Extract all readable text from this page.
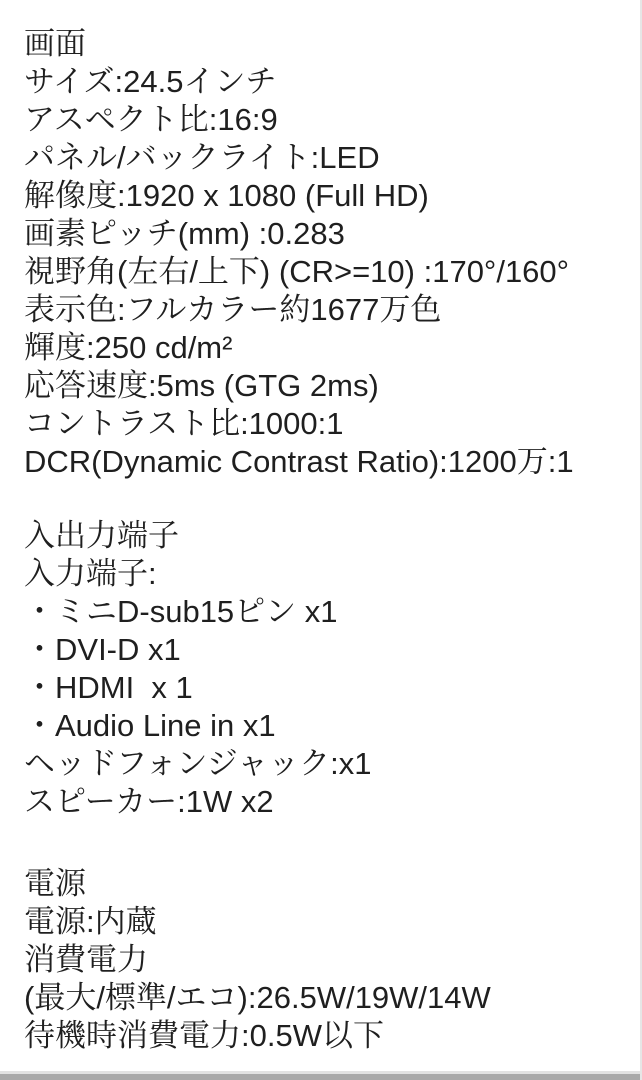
画面
サイズ:24.5インチ
アスペクト比:16:9
パネル/バックライト:LED
解像度:1920 x 1080 (Full HD)
画素ピッチ(mm) :0.283
視野角(左右/上下) (CR>=10) :170°/160°
表示色:フルカラー約1677万色
輝度:250 cd/m²
応答速度:5ms (GTG 2ms)
コントラスト比:1000:1
DCR(Dynamic Contrast Ratio):1200万:1
入出力端子
入力端子:
・ミニD-sub15ピン x1
・DVI-D x1
・HDMI  x 1
・Audio Line in x1
ヘッドフォンジャック:x1
スピーカー:1W x2
電源
電源:内蔵
消費電力
(最大/標準/エコ):26.5W/19W/14W
待機時消費電力:0.5W以下
